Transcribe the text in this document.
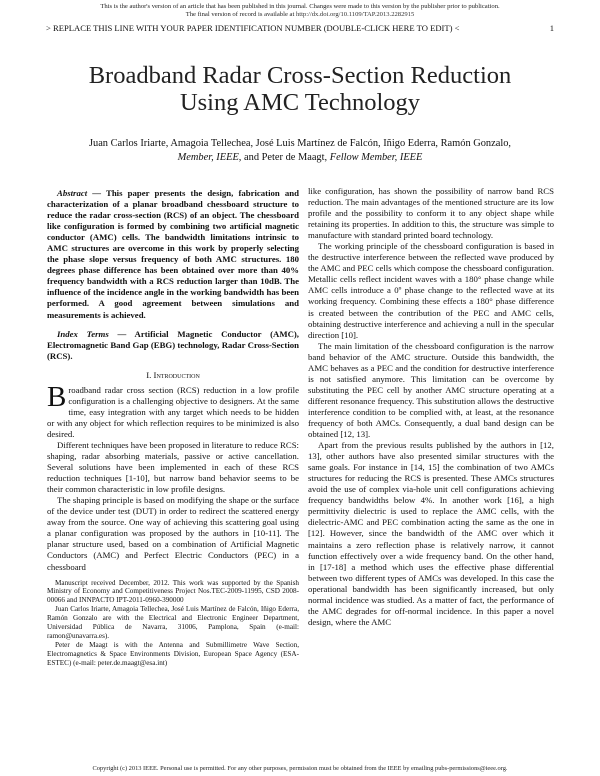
This is the author's version of an article that has been published in this journal. Changes were made to this version by the publisher prior to publication.
The final version of record is available at http://dx.doi.org/10.1109/TAP.2013.2282915
> REPLACE THIS LINE WITH YOUR PAPER IDENTIFICATION NUMBER (DOUBLE-CLICK HERE TO EDIT) <	1
Broadband Radar Cross-Section Reduction
Using AMC Technology
Juan Carlos Iriarte, Amagoia Tellechea, José Luis Martínez de Falcón, Iñigo Ederra, Ramón Gonzalo,
Member, IEEE, and Peter de Maagt, Fellow Member, IEEE

Abstract — This paper presents the design, fabrication and characterization of a planar broadband chessboard structure to reduce the radar cross-section (RCS) of an object. The chessboard like configuration is formed by combining two artificial magnetic conductor (AMC) cells. The bandwidth limitations intrinsic to AMC structures are overcome in this work by properly selecting the phase slope versus frequency of both AMC structures. 180 degrees phase difference has been obtained over more than 40% frequency bandwidth with a RCS reduction larger than 10dB. The influence of the incidence angle in the working bandwidth has been performed. A good agreement between simulations and measurements is achieved.

Index Terms — Artificial Magnetic Conductor (AMC), Electromagnetic Band Gap (EBG) technology, Radar Cross-Section (RCS).

I. Introduction

Broadband radar cross section (RCS) reduction in a low profile configuration is a challenging objective to designers. At the same time, easy integration with any target which needs to be hidden or with any object for which reflection requires to be minimized is also desired.

Different techniques have been proposed in literature to reduce RCS: shaping, radar absorbing materials, passive or active cancellation. Several solutions have been implemented in each of these RCS reduction techniques [1-10], but narrow band behavior seems to be their common characteristic in low profile designs.

The shaping principle is based on modifying the shape or the surface of the device under test (DUT) in order to redirect the scattered energy away from the source. One way of achieving this scattering goal using a planar configuration was proposed by the authors in [10-11]. The planar structure used, based on a combination of Artificial Magnetic Conductors (AMC) and Perfect Electric Conductors (PEC) in a chessboard

Manuscript received December, 2012. This work was supported by the Spanish Ministry of Economy and Competitiveness Project Nos.TEC-2009-11995, CSD 2008-00066 and INNPACTO IPT-2011-0960-390000

Juan Carlos Iriarte, Amagoia Tellechea, José Luis Martínez de Falcón, Iñigo Ederra, Ramón Gonzalo are with the Electrical and Electronic Engineer Department, Universidad Pública de Navarra, 31006, Pamplona, Spain (e-mail: ramon@unavarra.es).

Peter de Maagt is with the Antenna and Submillimetre Wave Section, Electromagnetics & Space Environments Division, European Space Agency (ESA-ESTEC) (e-mail: peter.de.maagt@esa.int)

like configuration, has shown the possibility of narrow band RCS reduction. The main advantages of the mentioned structure are its low profile and the possibility to conform it to any object shape while retaining its properties. In addition to this, the structure was simple to manufacture with standard printed board technology.

The working principle of the chessboard configuration is based in the destructive interference between the reflected wave produced by the AMC and PEC cells which compose the chessboard configuration. Metallic cells reflect incident waves with a 180° phase change while AMC cells introduce a 0º phase change to the reflected wave at its working frequency. Combining these effects a 180° phase difference is created between the contribution of the PEC and AMC cells, obtaining destructive interference and achieving a null in the specular direction [10].

The main limitation of the chessboard configuration is the narrow band behavior of the AMC structure. Outside this bandwidth, the AMC behaves as a PEC and the condition for destructive interference is not satisfied anymore. This limitation can be overcome by substituting the PEC cell by another AMC structure operating at a different resonance frequency. This substitution allows the destructive interference condition to be complied with, at least, at the resonance frequency of both AMCs. Consequently, a dual band design can be obtained [12, 13].

Apart from the previous results published by the authors in [12, 13], other authors have also presented similar structures with the same goals. For instance in [14, 15] the combination of two AMCs structures for reducing the RCS is presented. These AMCs structures avoid the use of complex via-hole unit cell configurations achieving frequency bandwidths below 4%. In another work [16], a high permittivity dielectric is used to replace the AMC cells, with the dielectric-AMC and PEC combination acting the same as the one in [12]. However, since the bandwidth of the AMC over which it maintains a zero reflection phase is relatively narrow, it cannot function effectively over a wide frequency band. On the other hand, in [17-18] a method which uses the effective phase differential between two different types of AMCs was developed. In this case the operational bandwidth has been significantly increased, but only normal incidence was studied. As a matter of fact, the performance of the AMC degrades for off-normal incidence. In this paper a novel design, where the AMC

Copyright (c) 2013 IEEE. Personal use is permitted. For any other purposes, permission must be obtained from the IEEE by emailing pubs-permissions@ieee.org.
